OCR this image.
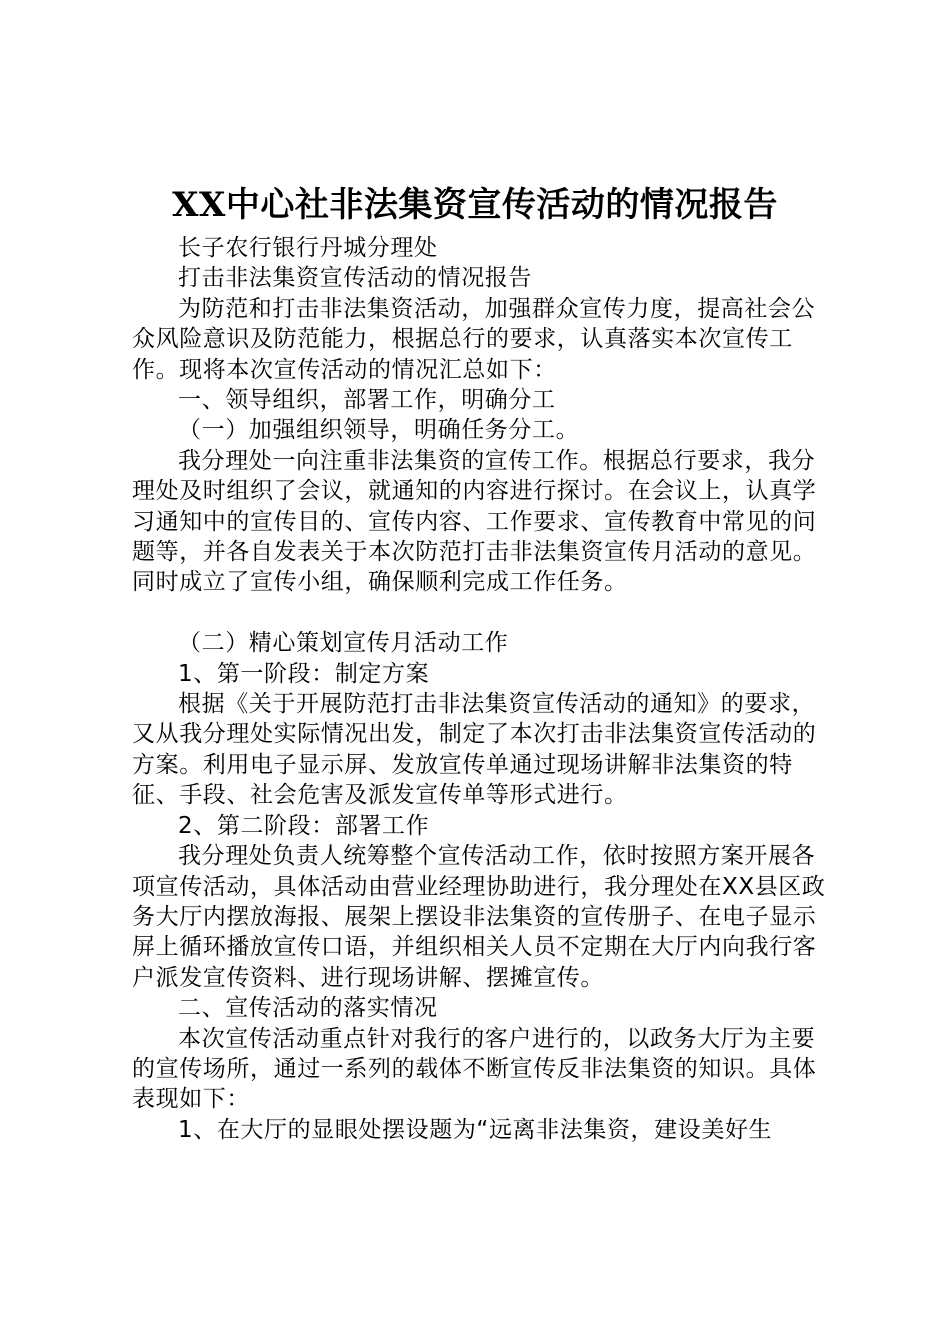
XX中心社非法集资宣传活动的情况报告

长子农行银行丹城分理处

打击非法集资宣传活动的情况报告

为防范和打击非法集资活动，加强群众宣传力度，提高社会公众风险意识及防范能力，根据总行的要求，认真落实本次宣传工作。现将本次宣传活动的情况汇总如下：

一、领导组织，部署工作，明确分工

（一）加强组织领导，明确任务分工。

我分理处一向注重非法集资的宣传工作。根据总行要求，我分理处及时组织了会议，就通知的内容进行探讨。在会议上，认真学习通知中的宣传目的、宣传内容、工作要求、宣传教育中常见的问题等，并各自发表关于本次防范打击非法集资宣传月活动的意见。同时成立了宣传小组，确保顺利完成工作任务。

（二）精心策划宣传月活动工作

1、第一阶段：制定方案

根据《关于开展防范打击非法集资宣传活动的通知》的要求，又从我分理处实际情况出发，制定了本次打击非法集资宣传活动的方案。利用电子显示屏、发放宣传单通过现场讲解非法集资的特征、手段、社会危害及派发宣传单等形式进行。

2、第二阶段：部署工作

我分理处负责人统筹整个宣传活动工作，依时按照方案开展各项宣传活动，具体活动由营业经理协助进行，我分理处在XX县区政务大厅内摆放海报、展架上摆设非法集资的宣传册子、在电子显示屏上循环播放宣传口语，并组织相关人员不定期在大厅内向我行客户派发宣传资料、进行现场讲解、摆摊宣传。

二、宣传活动的落实情况

本次宣传活动重点针对我行的客户进行的，以政务大厅为主要的宣传场所，通过一系列的载体不断宣传反非法集资的知识。具体表现如下：

1、在大厅的显眼处摆设题为“远离非法集资，建设美好生
